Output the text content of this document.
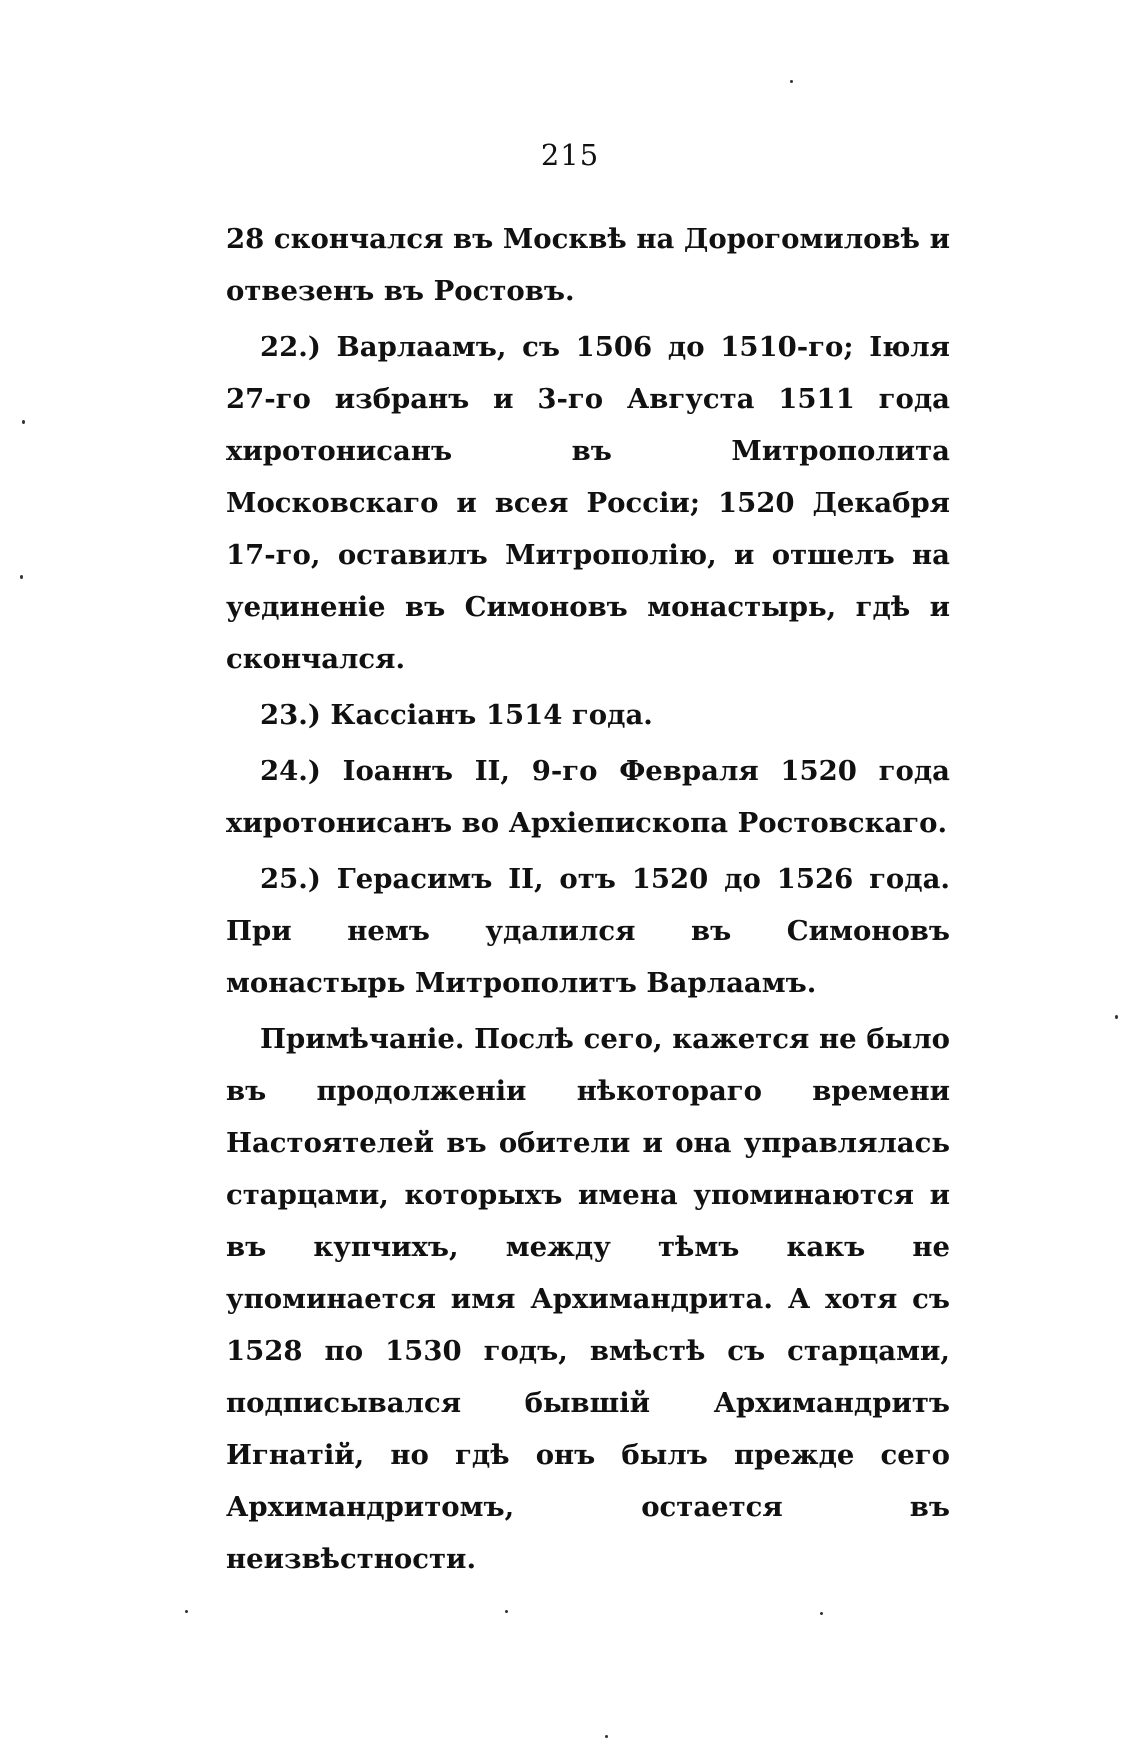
215

28 скончался въ Москвѣ на Дорогомиловѣ и отвезенъ въ Ростовъ.

22.) Варлаамъ, съ 1506 до 1510-го; Іюля 27-го избранъ и 3-го Августа 1511 года хиротонисанъ въ Митрополита Московскаго и всея Россіи; 1520 Декабря 17-го, оставилъ Митрополію, и отшелъ на уединеніе въ Симоновъ монастырь, гдѣ и скончался.

23.) Кассіанъ 1514 года.

24.) Іоаннъ II, 9-го Февраля 1520 года хиротонисанъ во Архіепископа Ростовскаго.

25.) Герасимъ II, отъ 1520 до 1526 года. При немъ удалился въ Симоновъ монастырь Митрополитъ Варлаамъ.

Примѣчаніе. Послѣ сего, кажется не было въ продолженіи нѣкотораго времени Настоятелей въ обители и она управлялась старцами, которыхъ имена упоминаются и въ купчихъ, между тѣмъ какъ не упоминается имя Архимандрита. А хотя съ 1528 по 1530 годъ, вмѣстѣ съ старцами, подписывался бывшій Архимандритъ Игнатій, но гдѣ онъ былъ прежде сего Архимандритомъ, остается въ неизвѣстности.
